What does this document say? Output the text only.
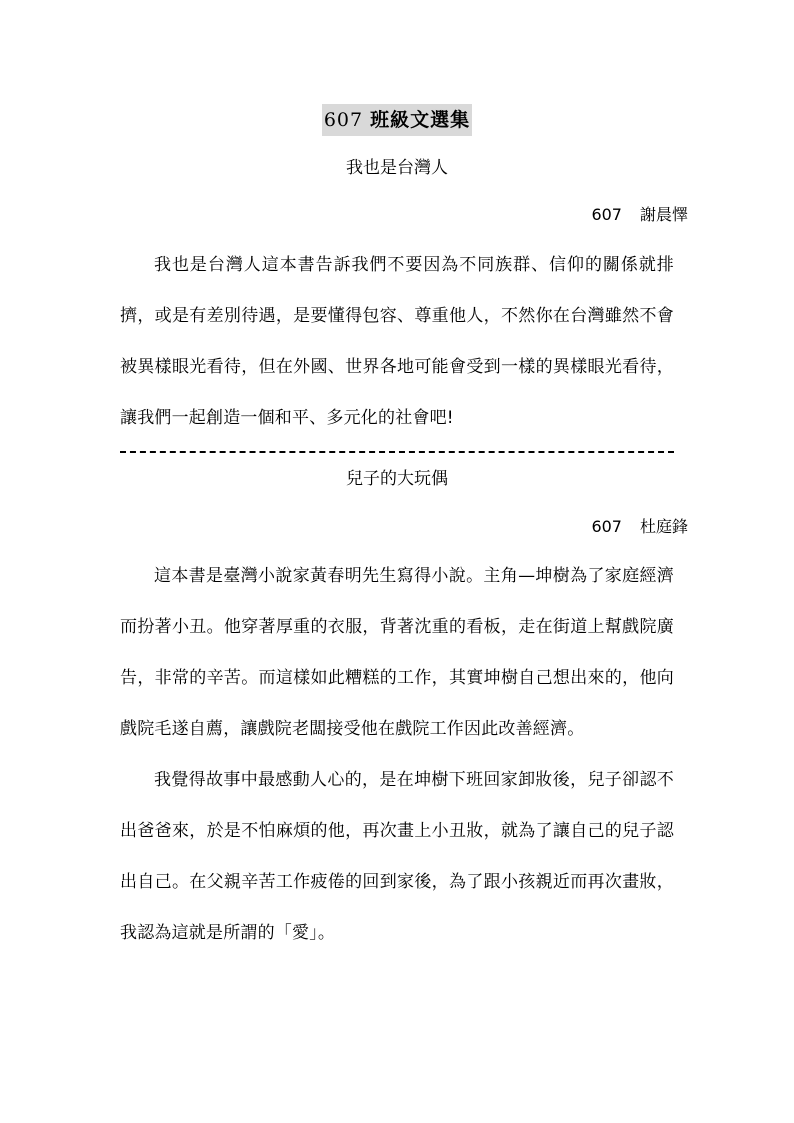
607 班級文選集
我也是台灣人
607 謝晨懌

我也是台灣人這本書告訴我們不要因為不同族群、信仰的關係就排擠，或是有差別待遇，是要懂得包容、尊重他人，不然你在台灣雖然不會被異樣眼光看待，但在外國、世界各地可能會受到一樣的異樣眼光看待，讓我們一起創造一個和平、多元化的社會吧!

兒子的大玩偶
607 杜庭鋒

這本書是臺灣小說家黃春明先生寫得小說。主角—坤樹為了家庭經濟而扮著小丑。他穿著厚重的衣服，背著沈重的看板，走在街道上幫戲院廣告，非常的辛苦。而這樣如此糟糕的工作，其實坤樹自己想出來的，他向戲院毛遂自薦，讓戲院老闆接受他在戲院工作因此改善經濟。

我覺得故事中最感動人心的，是在坤樹下班回家卸妝後，兒子卻認不出爸爸來，於是不怕麻煩的他，再次畫上小丑妝，就為了讓自己的兒子認出自己。在父親辛苦工作疲倦的回到家後，為了跟小孩親近而再次畫妝，我認為這就是所謂的「愛」。
